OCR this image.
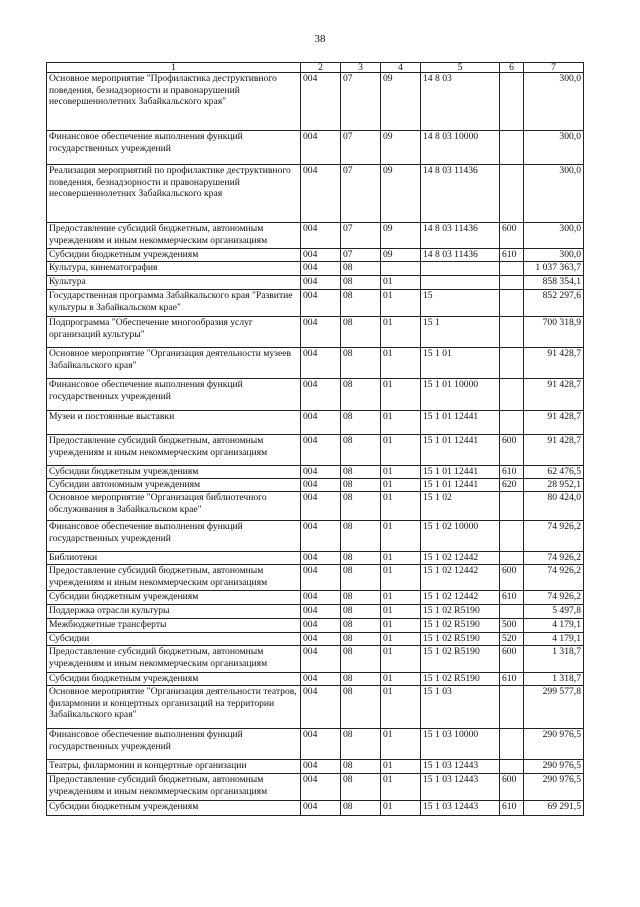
38
1	2	3	4	5	6	7
Основное мероприятие "Профилактика деструктивного поведения, безнадзорности и правонарушений несовершеннолетних Забайкальского края"	004	07	09	14 8 03		300,0
Финансовое обеспечение выполнения функций государственных учреждений	004	07	09	14 8 03 10000		300,0
Реализация мероприятий по профилактике деструктивного поведения, безнадзорности и правонарушений несовершеннолетних Забайкальского края	004	07	09	14 8 03 11436		300,0
Предоставление субсидий бюджетным, автономным учреждениям и иным некоммерческим организациям	004	07	09	14 8 03 11436	600	300,0
Субсидии бюджетным учреждениям	004	07	09	14 8 03 11436	610	300,0
Культура, кинематография	004	08				1 037 363,7
Культура	004	08	01			858 354,1
Государственная программа Забайкальского края "Развитие культуры в Забайкальском крае"	004	08	01	15		852 297,6
Подпрограмма "Обеспечение многообразия услуг организаций культуры"	004	08	01	15 1		700 318,9
Основное мероприятие "Организация деятельности музеев Забайкальского края"	004	08	01	15 1 01		91 428,7
Финансовое обеспечение выполнения функций государственных учреждений	004	08	01	15 1 01 10000		91 428,7
Музеи и постоянные выставки	004	08	01	15 1 01 12441		91 428,7
Предоставление субсидий бюджетным, автономным учреждениям и иным некоммерческим организациям	004	08	01	15 1 01 12441	600	91 428,7
Субсидии бюджетным учреждениям	004	08	01	15 1 01 12441	610	62 476,5
Субсидии автономным учреждениям	004	08	01	15 1 01 12441	620	28 952,1
Основное мероприятие "Организация библиотечного обслуживания в Забайкальском крае"	004	08	01	15 1 02		80 424,0
Финансовое обеспечение выполнения функций государственных учреждений	004	08	01	15 1 02 10000		74 926,2
Библиотеки	004	08	01	15 1 02 12442		74 926,2
Предоставление субсидий бюджетным, автономным учреждениям и иным некоммерческим организациям	004	08	01	15 1 02 12442	600	74 926,2
Субсидии бюджетным учреждениям	004	08	01	15 1 02 12442	610	74 926,2
Поддержка отрасли культуры	004	08	01	15 1 02 R5190		5 497,8
Межбюджетные трансферты	004	08	01	15 1 02 R5190	500	4 179,1
Субсидии	004	08	01	15 1 02 R5190	520	4 179,1
Предоставление субсидий бюджетным, автономным учреждениям и иным некоммерческим организациям	004	08	01	15 1 02 R5190	600	1 318,7
Субсидии бюджетным учреждениям	004	08	01	15 1 02 R5190	610	1 318,7
Основное мероприятие "Организация деятельности театров, филармонии и концертных организаций на территории Забайкальского края"	004	08	01	15 1 03		299 577,8
Финансовое обеспечение выполнения функций государственных учреждений	004	08	01	15 1 03 10000		290 976,5
Театры, филармонии и концертные организации	004	08	01	15 1 03 12443		290 976,5
Предоставление субсидий бюджетным, автономным учреждениям и иным некоммерческим организациям	004	08	01	15 1 03 12443	600	290 976,5
Субсидии бюджетным учреждениям	004	08	01	15 1 03 12443	610	69 291,5
